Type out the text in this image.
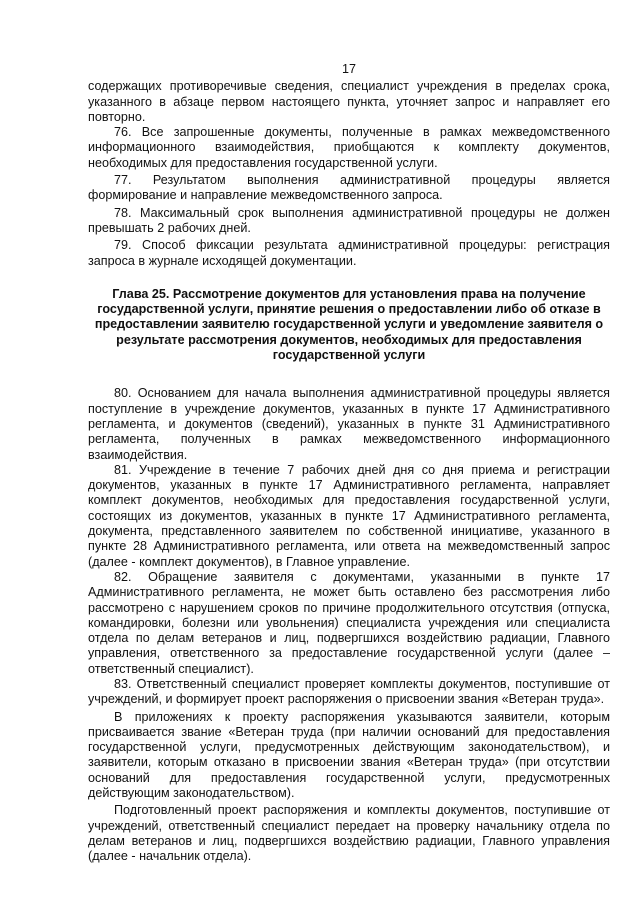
17

содержащих противоречивые сведения, специалист учреждения в пределах срока, указанного в абзаце первом настоящего пункта, уточняет запрос и направляет его повторно.

76. Все запрошенные документы, полученные в рамках межведомственного информационного взаимодействия, приобщаются к комплекту документов, необходимых для предоставления государственной услуги.

77. Результатом выполнения административной процедуры является формирование и направление межведомственного запроса.

78. Максимальный срок выполнения административной процедуры не должен превышать 2 рабочих дней.

79. Способ фиксации результата административной процедуры: регистрация запроса в журнале исходящей документации.

Глава 25. Рассмотрение документов для установления права на получение государственной услуги, принятие решения о предоставлении либо об отказе в предоставлении заявителю государственной услуги и уведомление заявителя о результате рассмотрения документов, необходимых для предоставления государственной услуги

80. Основанием для начала выполнения административной процедуры является поступление в учреждение документов, указанных в пункте 17 Административного регламента, и документов (сведений), указанных в пункте 31 Административного регламента, полученных в рамках межведомственного информационного взаимодействия.

81. Учреждение в течение 7 рабочих дней дня со дня приема и регистрации документов, указанных в пункте 17 Административного регламента, направляет комплект документов, необходимых для предоставления государственной услуги, состоящих из документов, указанных в пункте 17 Административного регламента, документа, представленного заявителем по собственной инициативе, указанного в пункте 28 Административного регламента, или ответа на межведомственный запрос (далее - комплект документов), в Главное управление.

82. Обращение заявителя с документами, указанными в пункте 17 Административного регламента, не может быть оставлено без рассмотрения либо рассмотрено с нарушением сроков по причине продолжительного отсутствия (отпуска, командировки, болезни или увольнения) специалиста учреждения или специалиста отдела по делам ветеранов и лиц, подвергшихся воздействию радиации, Главного управления, ответственного за предоставление государственной услуги (далее – ответственный специалист).

83. Ответственный специалист проверяет комплекты документов, поступившие от учреждений, и формирует проект распоряжения о присвоении звания «Ветеран труда».

В приложениях к проекту распоряжения указываются заявители, которым присваивается звание «Ветеран труда (при наличии оснований для предоставления государственной услуги, предусмотренных действующим законодательством), и заявители, которым отказано в присвоении звания «Ветеран труда» (при отсутствии оснований для предоставления государственной услуги, предусмотренных действующим законодательством).

Подготовленный проект распоряжения и комплекты документов, поступившие от учреждений, ответственный специалист передает на проверку начальнику отдела по делам ветеранов и лиц, подвергшихся воздействию радиации, Главного управления (далее - начальник отдела).
